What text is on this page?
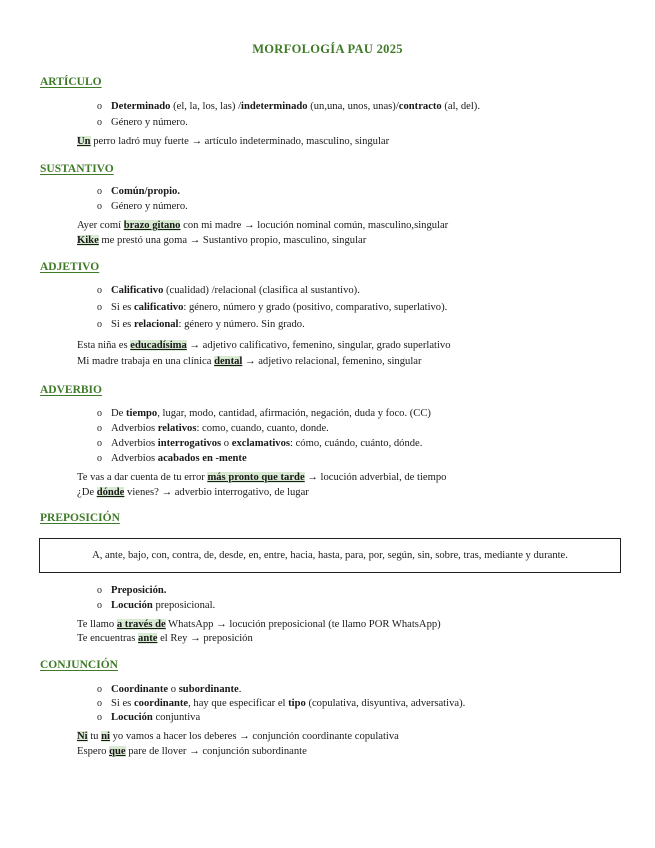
MORFOLOGÍA PAU 2025
ARTÍCULO
o Determinado (el, la, los, las) /indeterminado (un,una, unos, unas)/contracto (al, del).
o Género y número.
Un perro ladró muy fuerte → artículo indeterminado, masculino, singular
SUSTANTIVO
o Común/propio.
o Género y número.
Ayer comí brazo gitano con mi madre → locución nominal común, masculino,singular
Kike me prestó una goma → Sustantivo propio, masculino, singular
ADJETIVO
o Calificativo (cualidad) /relacional (clasifica al sustantivo).
o Si es calificativo: género, número y grado (positivo, comparativo, superlativo).
o Si es relacional: género y número. Sin grado.
Esta niña es educadísima → adjetivo calificativo, femenino, singular, grado superlativo
Mi madre trabaja en una clínica dental → adjetivo relacional, femenino, singular
ADVERBIO
o De tiempo, lugar, modo, cantidad, afirmación, negación, duda y foco. (CC)
o Adverbios relativos: como, cuando, cuanto, donde.
o Adverbios interrogativos o exclamativos: cómo, cuándo, cuánto, dónde.
o Adverbios acabados en -mente
Te vas a dar cuenta de tu error más pronto que tarde → locución adverbial, de tiempo
¿De dónde vienes? → adverbio interrogativo, de lugar
PREPOSICIÓN
A, ante, bajo, con, contra, de, desde, en, entre, hacia, hasta, para, por, según, sin, sobre, tras, mediante y durante.
o Preposición.
o Locución preposicional.
Te llamo a través de WhatsApp → locución preposicional (te llamo POR WhatsApp)
Te encuentras ante el Rey → preposición
CONJUNCIÓN
o Coordinante o subordinante.
o Si es coordinante, hay que especificar el tipo (copulativa, disyuntiva, adversativa).
o Locución conjuntiva
Ni tu ni yo vamos a hacer los deberes → conjunción coordinante copulativa
Espero que pare de llover → conjunción subordinante
